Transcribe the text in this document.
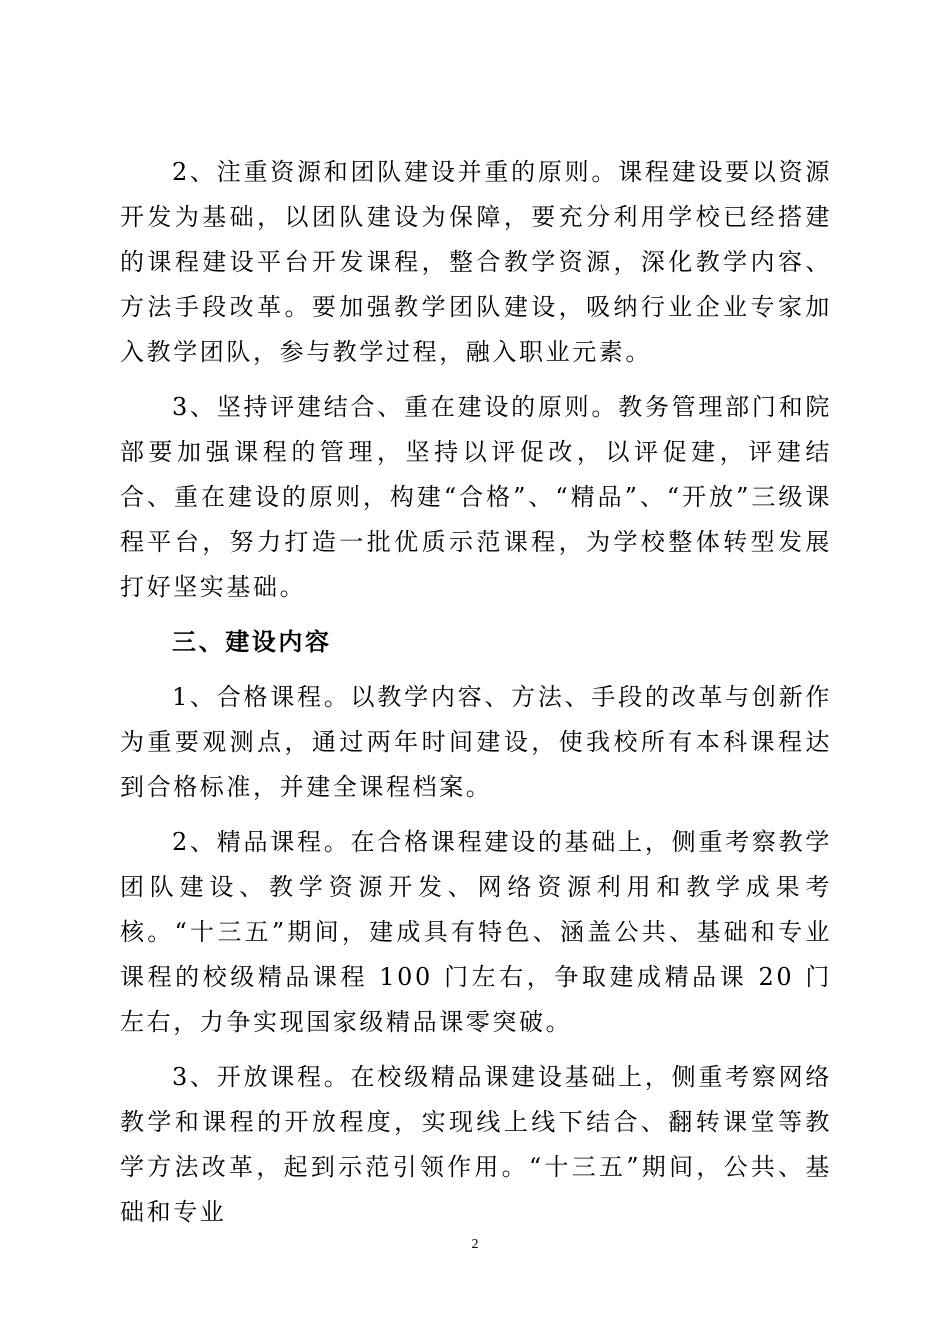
2、注重资源和团队建设并重的原则。课程建设要以资源开发为基础，以团队建设为保障，要充分利用学校已经搭建的课程建设平台开发课程，整合教学资源，深化教学内容、方法手段改革。要加强教学团队建设，吸纳行业企业专家加入教学团队，参与教学过程，融入职业元素。

3、坚持评建结合、重在建设的原则。教务管理部门和院部要加强课程的管理，坚持以评促改，以评促建，评建结合、重在建设的原则，构建“合格”、“精品”、“开放”三级课程平台，努力打造一批优质示范课程，为学校整体转型发展打好坚实基础。

三、建设内容

1、合格课程。以教学内容、方法、手段的改革与创新作为重要观测点，通过两年时间建设，使我校所有本科课程达到合格标准，并建全课程档案。

2、精品课程。在合格课程建设的基础上，侧重考察教学团队建设、教学资源开发、网络资源利用和教学成果考核。“十三五”期间，建成具有特色、涵盖公共、基础和专业课程的校级精品课程 100 门左右，争取建成精品课 20 门左右，力争实现国家级精品课零突破。

3、开放课程。在校级精品课建设基础上，侧重考察网络教学和课程的开放程度，实现线上线下结合、翻转课堂等教学方法改革，起到示范引领作用。“十三五”期间，公共、基础和专业

2
